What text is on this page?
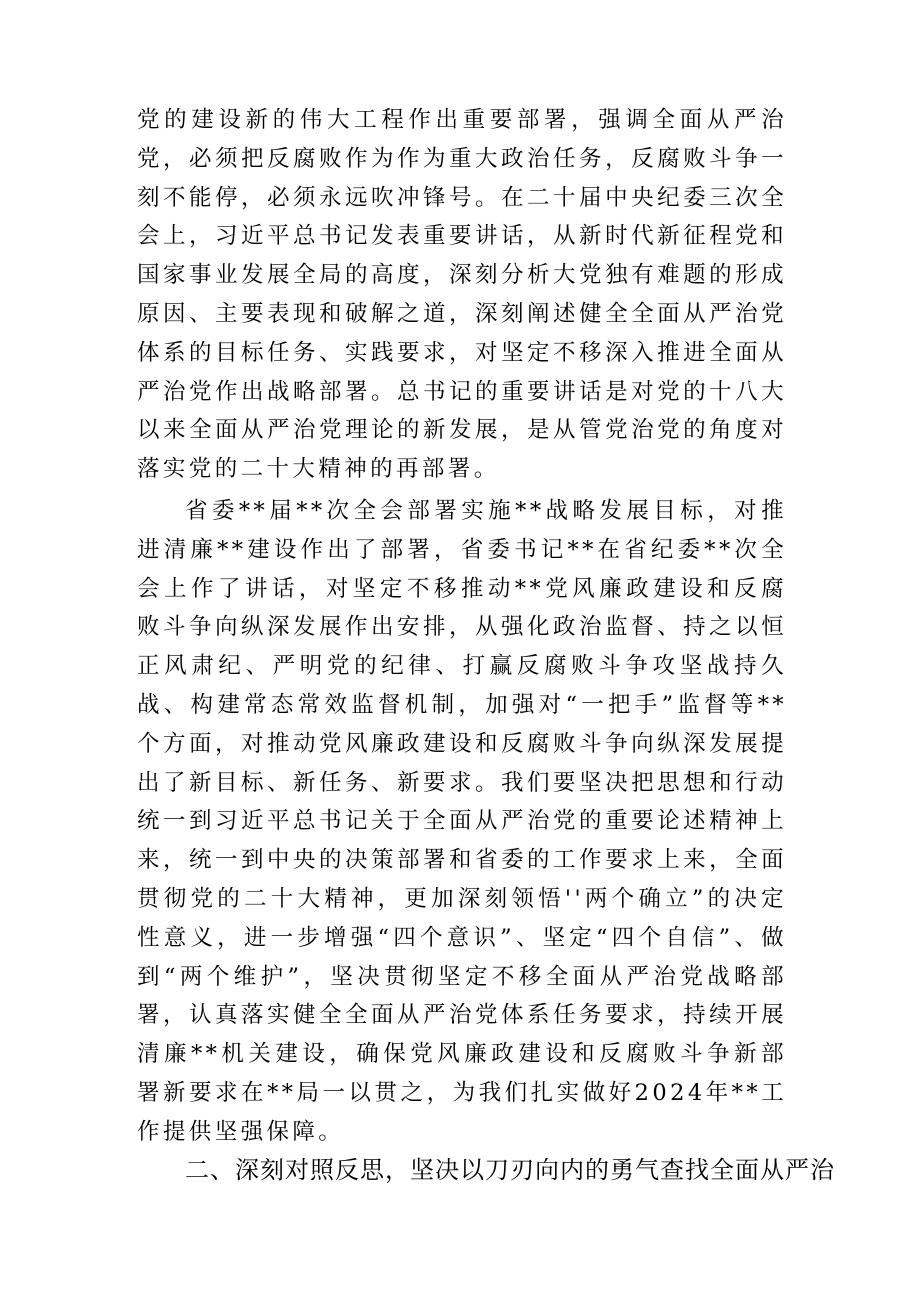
党的建设新的伟大工程作出重要部署，强调全面从严治党，必须把反腐败作为作为重大政治任务，反腐败斗争一刻不能停，必须永远吹冲锋号。在二十届中央纪委三次全会上，习近平总书记发表重要讲话，从新时代新征程党和国家事业发展全局的高度，深刻分析大党独有难题的形成原因、主要表现和破解之道，深刻阐述健全全面从严治党体系的目标任务、实践要求，对坚定不移深入推进全面从严治党作出战略部署。总书记的重要讲话是对党的十八大以来全面从严治党理论的新发展，是从管党治党的角度对落实党的二十大精神的再部署。

省委**届**次全会部署实施**战略发展目标，对推进清廉**建设作出了部署，省委书记**在省纪委**次全会上作了讲话，对坚定不移推动**党风廉政建设和反腐败斗争向纵深发展作出安排，从强化政治监督、持之以恒正风肃纪、严明党的纪律、打赢反腐败斗争攻坚战持久战、构建常态常效监督机制，加强对“一把手”监督等**个方面，对推动党风廉政建设和反腐败斗争向纵深发展提出了新目标、新任务、新要求。我们要坚决把思想和行动统一到习近平总书记关于全面从严治党的重要论述精神上来，统一到中央的决策部署和省委的工作要求上来，全面贯彻党的二十大精神，更加深刻领悟''两个确立”的决定性意义，进一步增强“四个意识”、坚定“四个自信”、做到“两个维护”，坚决贯彻坚定不移全面从严治党战略部署，认真落实健全全面从严治党体系任务要求，持续开展清廉**机关建设，确保党风廉政建设和反腐败斗争新部署新要求在**局一以贯之，为我们扎实做好2024年**工作提供坚强保障。

二、深刻对照反思，坚决以刀刃向内的勇气查找全面从严治
